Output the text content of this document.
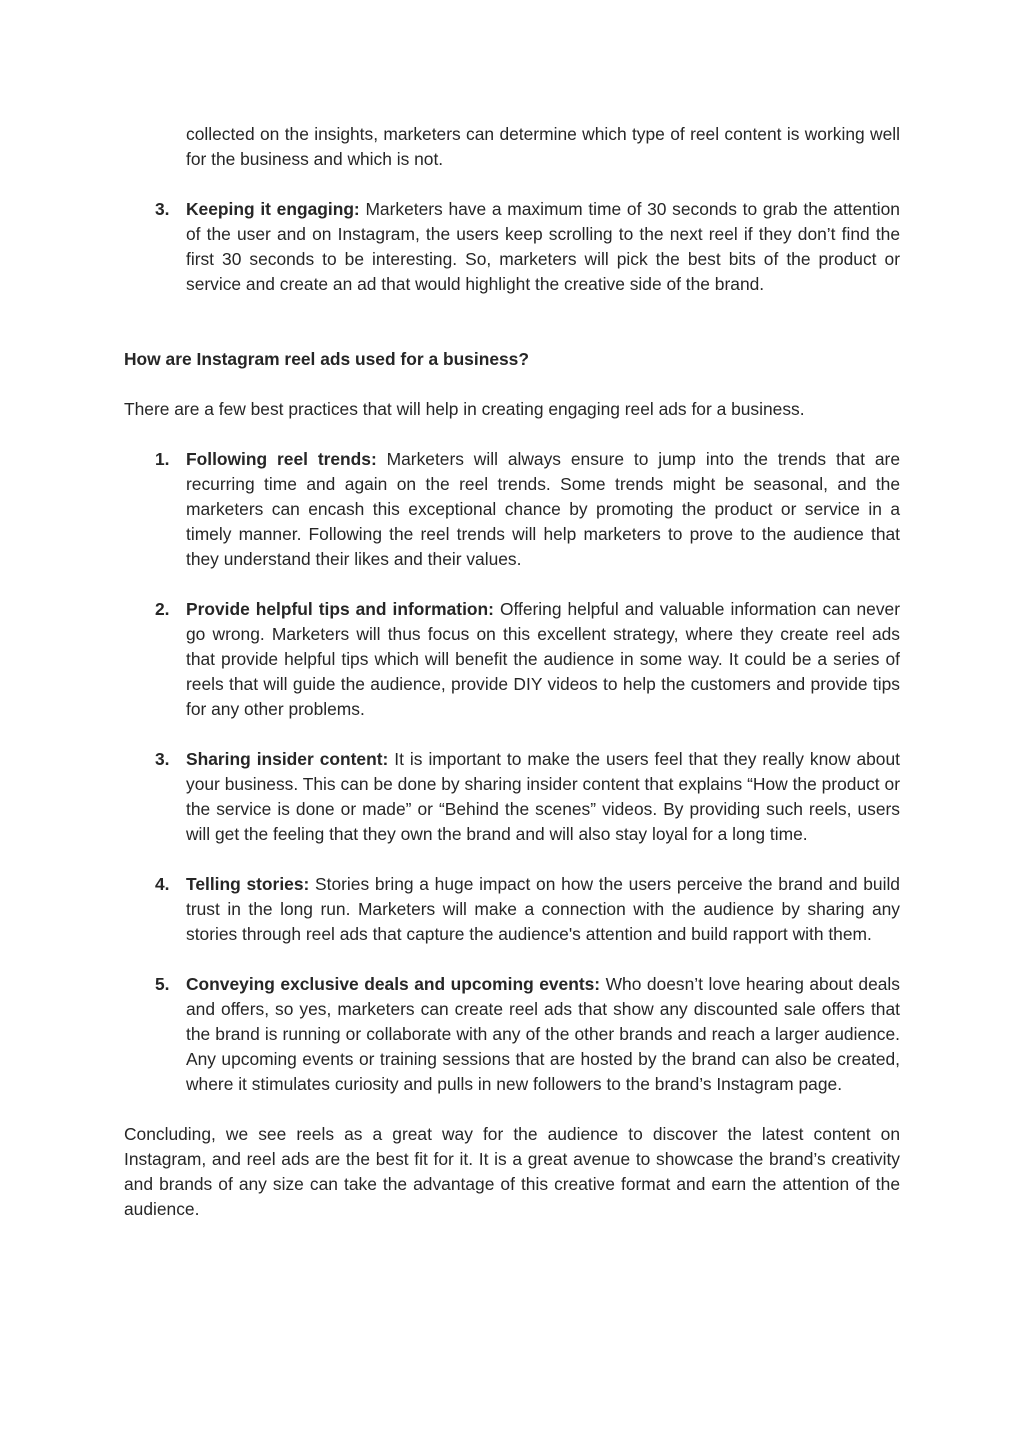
collected on the insights, marketers can determine which type of reel content is working well for the business and which is not.

3. Keeping it engaging: Marketers have a maximum time of 30 seconds to grab the attention of the user and on Instagram, the users keep scrolling to the next reel if they don’t find the first 30 seconds to be interesting. So, marketers will pick the best bits of the product or service and create an ad that would highlight the creative side of the brand.

How are Instagram reel ads used for a business?

There are a few best practices that will help in creating engaging reel ads for a business.

1. Following reel trends: Marketers will always ensure to jump into the trends that are recurring time and again on the reel trends. Some trends might be seasonal, and the marketers can encash this exceptional chance by promoting the product or service in a timely manner. Following the reel trends will help marketers to prove to the audience that they understand their likes and their values.
2. Provide helpful tips and information: Offering helpful and valuable information can never go wrong. Marketers will thus focus on this excellent strategy, where they create reel ads that provide helpful tips which will benefit the audience in some way. It could be a series of reels that will guide the audience, provide DIY videos to help the customers and provide tips for any other problems.
3. Sharing insider content: It is important to make the users feel that they really know about your business. This can be done by sharing insider content that explains “How the product or the service is done or made” or “Behind the scenes” videos. By providing such reels, users will get the feeling that they own the brand and will also stay loyal for a long time.
4. Telling stories: Stories bring a huge impact on how the users perceive the brand and build trust in the long run. Marketers will make a connection with the audience by sharing any stories through reel ads that capture the audience's attention and build rapport with them.
5. Conveying exclusive deals and upcoming events: Who doesn’t love hearing about deals and offers, so yes, marketers can create reel ads that show any discounted sale offers that the brand is running or collaborate with any of the other brands and reach a larger audience. Any upcoming events or training sessions that are hosted by the brand can also be created, where it stimulates curiosity and pulls in new followers to the brand’s Instagram page.

Concluding, we see reels as a great way for the audience to discover the latest content on Instagram, and reel ads are the best fit for it. It is a great avenue to showcase the brand’s creativity and brands of any size can take the advantage of this creative format and earn the attention of the audience.
